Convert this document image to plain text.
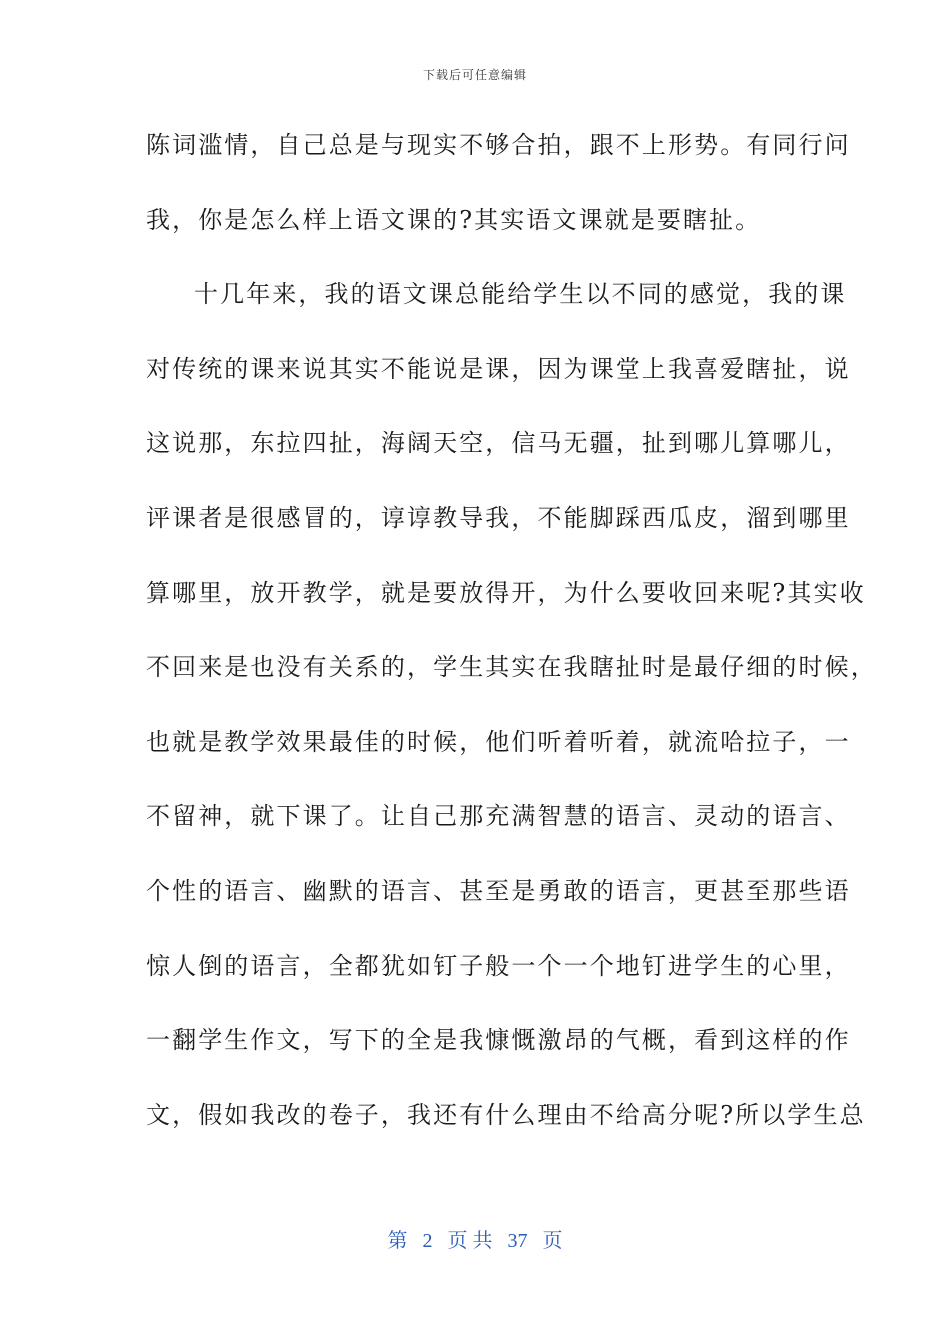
下载后可任意编辑
陈词滥情，自己总是与现实不够合拍，跟不上形势。有同行问
我，你是怎么样上语文课的?其实语文课就是要瞎扯。
十几年来，我的语文课总能给学生以不同的感觉，我的课
对传统的课来说其实不能说是课，因为课堂上我喜爱瞎扯，说
这说那，东拉四扯，海阔天空，信马无疆，扯到哪儿算哪儿，
评课者是很感冒的，谆谆教导我，不能脚踩西瓜皮，溜到哪里
算哪里，放开教学，就是要放得开，为什么要收回来呢?其实收
不回来是也没有关系的，学生其实在我瞎扯时是最仔细的时候，
也就是教学效果最佳的时候，他们听着听着，就流哈拉子，一
不留神，就下课了。让自己那充满智慧的语言、灵动的语言、
个性的语言、幽默的语言、甚至是勇敢的语言，更甚至那些语
惊人倒的语言，全都犹如钉子般一个一个地钉进学生的心里，
一翻学生作文，写下的全是我慷慨激昂的气概，看到这样的作
文，假如我改的卷子，我还有什么理由不给高分呢?所以学生总
第 2 页 共 37 页
